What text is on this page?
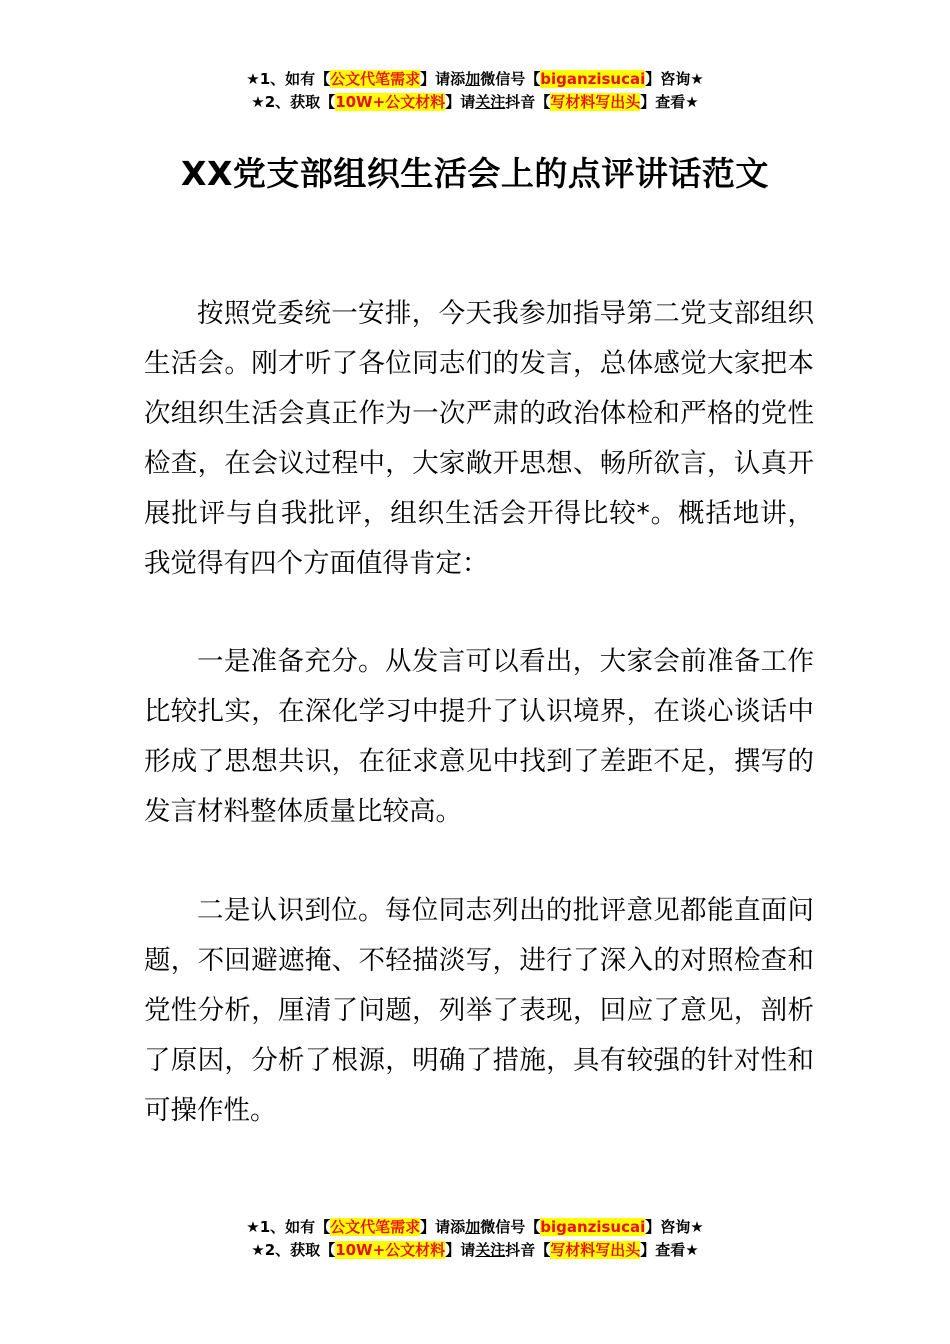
★1、如有【公文代笔需求】请添加微信号【biganzisucai】咨询★
★2、获取【10W+公文材料】请关注抖音【写材料写出头】查看★
XX党支部组织生活会上的点评讲话范文

按照党委统一安排，今天我参加指导第二党支部组织生活会。刚才听了各位同志们的发言，总体感觉大家把本次组织生活会真正作为一次严肃的政治体检和严格的党性检查，在会议过程中，大家敞开思想、畅所欲言，认真开展批评与自我批评，组织生活会开得比较*。概括地讲，我觉得有四个方面值得肯定：

一是准备充分。从发言可以看出，大家会前准备工作比较扎实，在深化学习中提升了认识境界，在谈心谈话中形成了思想共识，在征求意见中找到了差距不足，撰写的发言材料整体质量比较高。

二是认识到位。每位同志列出的批评意见都能直面问题，不回避遮掩、不轻描淡写，进行了深入的对照检查和党性分析，厘清了问题，列举了表现，回应了意见，剖析了原因，分析了根源，明确了措施，具有较强的针对性和可操作性。

★1、如有【公文代笔需求】请添加微信号【biganzisucai】咨询★
★2、获取【10W+公文材料】请关注抖音【写材料写出头】查看★
